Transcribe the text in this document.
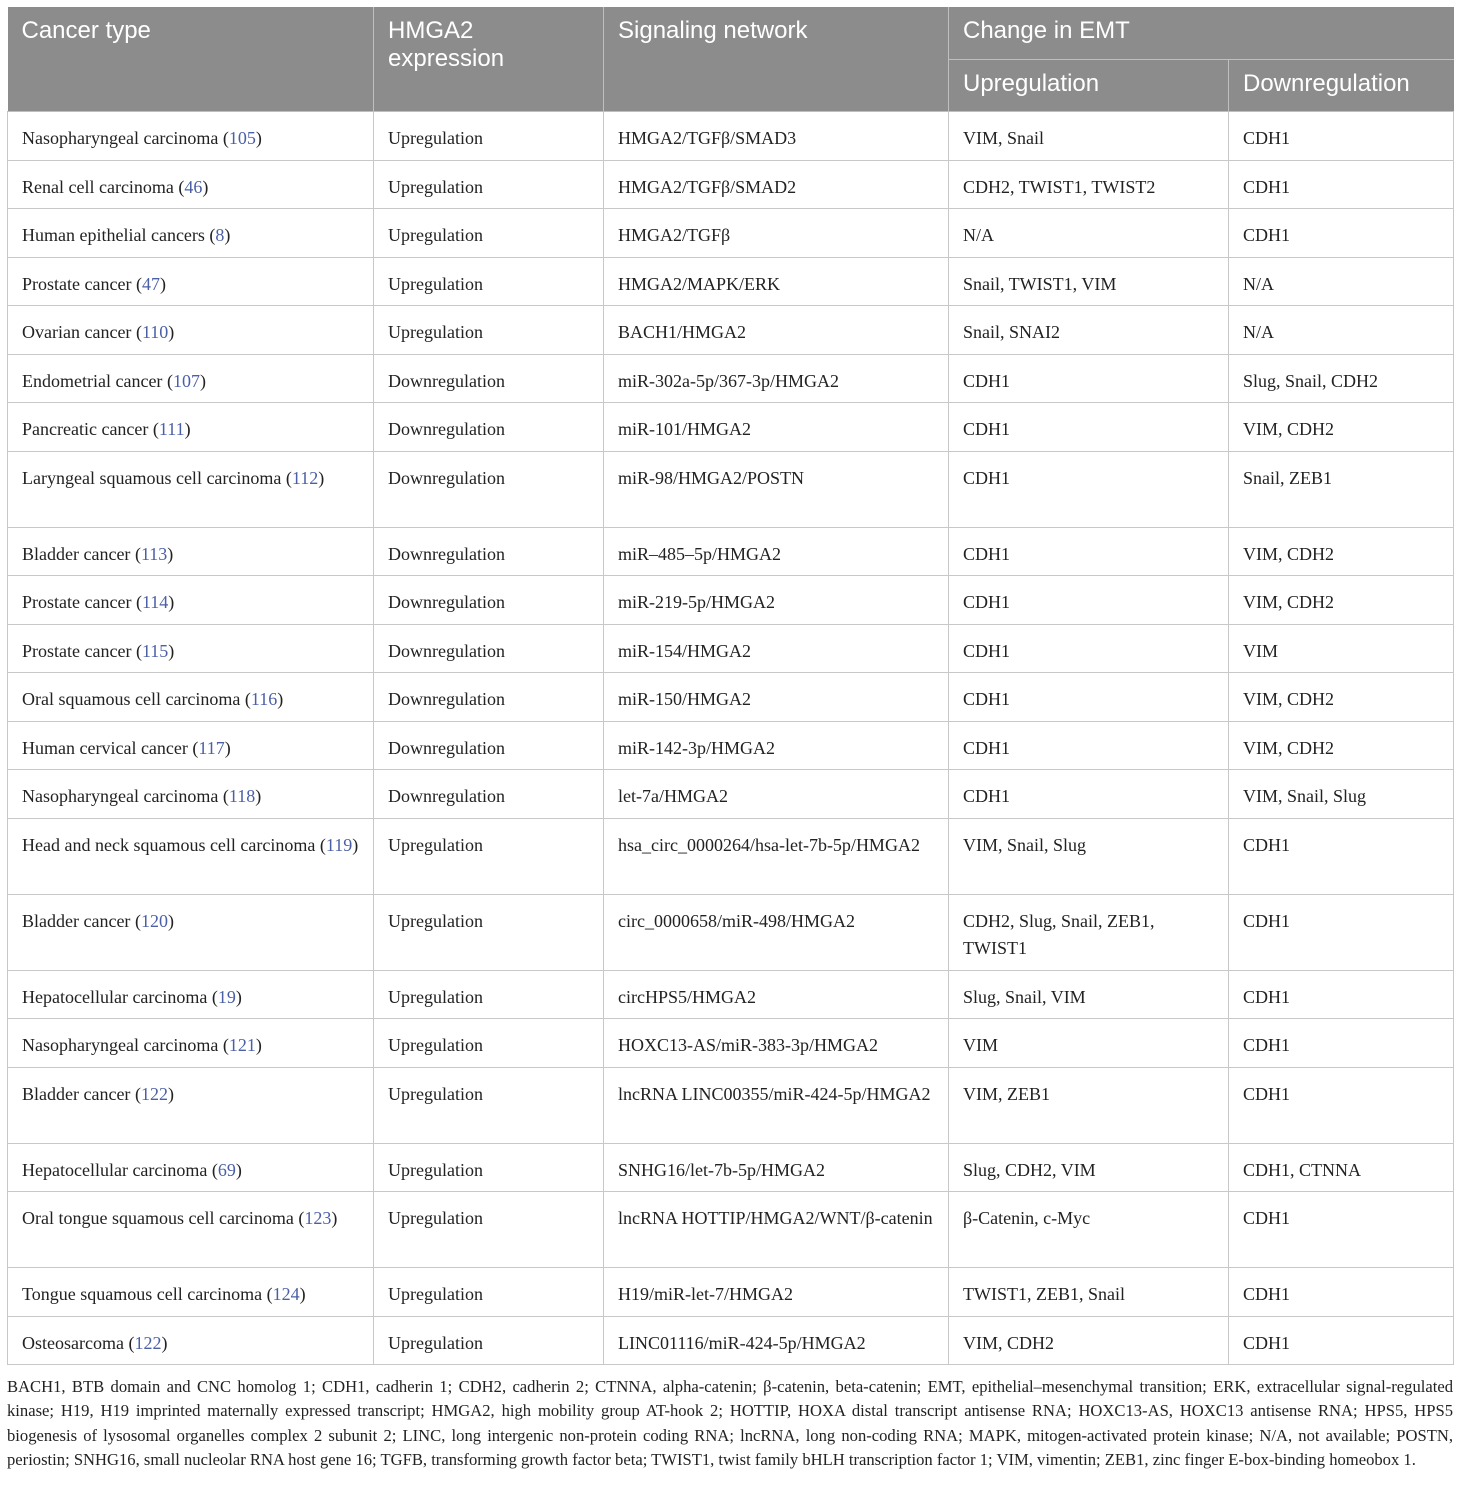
Cancer type	HMGA2 expression	Signaling network	Change in EMT	
			Upregulation	Downregulation
Nasopharyngeal carcinoma (105)	Upregulation	HMGA2/TGFβ/SMAD3	VIM, Snail	CDH1
Renal cell carcinoma (46)	Upregulation	HMGA2/TGFβ/SMAD2	CDH2, TWIST1, TWIST2	CDH1
Human epithelial cancers (8)	Upregulation	HMGA2/TGFβ	N/A	CDH1
Prostate cancer (47)	Upregulation	HMGA2/MAPK/ERK	Snail, TWIST1, VIM	N/A
Ovarian cancer (110)	Upregulation	BACH1/HMGA2	Snail, SNAI2	N/A
Endometrial cancer (107)	Downregulation	miR-302a-5p/367-3p/HMGA2	CDH1	Slug, Snail, CDH2
Pancreatic cancer (111)	Downregulation	miR-101/HMGA2	CDH1	VIM, CDH2
Laryngeal squamous cell carcinoma (112)	Downregulation	miR-98/HMGA2/POSTN	CDH1	Snail, ZEB1
Bladder cancer (113)	Downregulation	miR–485–5p/HMGA2	CDH1	VIM, CDH2
Prostate cancer (114)	Downregulation	miR-219-5p/HMGA2	CDH1	VIM, CDH2
Prostate cancer (115)	Downregulation	miR-154/HMGA2	CDH1	VIM
Oral squamous cell carcinoma (116)	Downregulation	miR-150/HMGA2	CDH1	VIM, CDH2
Human cervical cancer (117)	Downregulation	miR-142-3p/HMGA2	CDH1	VIM, CDH2
Nasopharyngeal carcinoma (118)	Downregulation	let-7a/HMGA2	CDH1	VIM, Snail, Slug
Head and neck squamous cell carcinoma (119)	Upregulation	hsa_circ_0000264/hsa-let-7b-5p/HMGA2	VIM, Snail, Slug	CDH1
Bladder cancer (120)	Upregulation	circ_0000658/miR-498/HMGA2	CDH2, Slug, Snail, ZEB1, TWIST1	CDH1
Hepatocellular carcinoma (19)	Upregulation	circHPS5/HMGA2	Slug, Snail, VIM	CDH1
Nasopharyngeal carcinoma (121)	Upregulation	HOXC13-AS/miR-383-3p/HMGA2	VIM	CDH1
Bladder cancer (122)	Upregulation	lncRNA LINC00355/miR-424-5p/HMGA2	VIM, ZEB1	CDH1
Hepatocellular carcinoma (69)	Upregulation	SNHG16/let-7b-5p/HMGA2	Slug, CDH2, VIM	CDH1, CTNNA
Oral tongue squamous cell carcinoma (123)	Upregulation	lncRNA HOTTIP/HMGA2/WNT/β-catenin	β-Catenin, c-Myc	CDH1
Tongue squamous cell carcinoma (124)	Upregulation	H19/miR-let-7/HMGA2	TWIST1, ZEB1, Snail	CDH1
Osteosarcoma (122)	Upregulation	LINC01116/miR-424-5p/HMGA2	VIM, CDH2	CDH1
BACH1, BTB domain and CNC homolog 1; CDH1, cadherin 1; CDH2, cadherin 2; CTNNA, alpha-catenin; β-catenin, beta-catenin; EMT, epithelial–mesenchymal transition; ERK, extracellular signal-regulated kinase; H19, H19 imprinted maternally expressed transcript; HMGA2, high mobility group AT-hook 2; HOTTIP, HOXA distal transcript antisense RNA; HOXC13-AS, HOXC13 antisense RNA; HPS5, HPS5 biogenesis of lysosomal organelles complex 2 subunit 2; LINC, long intergenic non-protein coding RNA; lncRNA, long non-coding RNA; MAPK, mitogen-activated protein kinase; N/A, not available; POSTN, periostin; SNHG16, small nucleolar RNA host gene 16; TGFB, transforming growth factor beta; TWIST1, twist family bHLH transcription factor 1; VIM, vimentin; ZEB1, zinc finger E-box-binding homeobox 1.
